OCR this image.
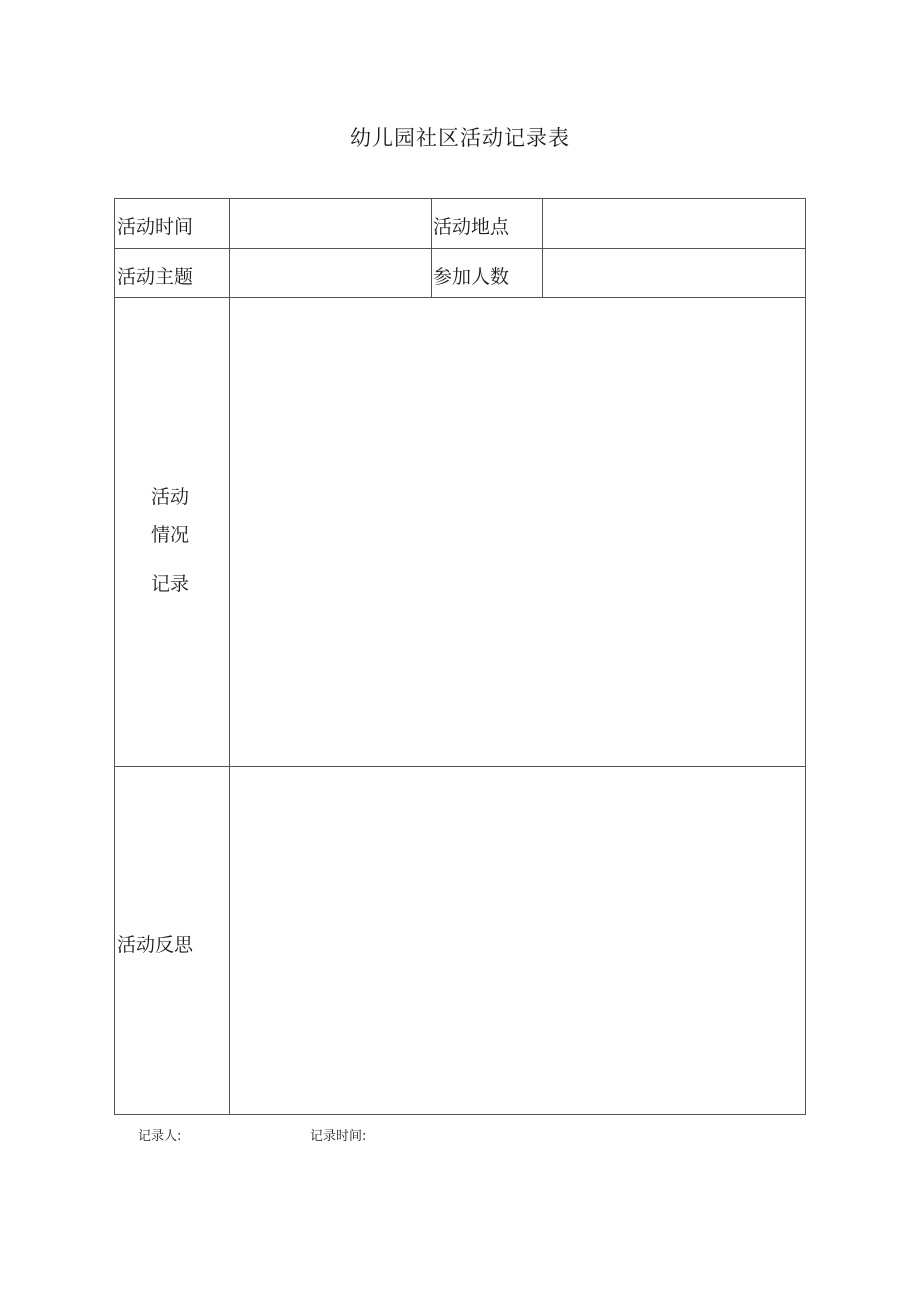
幼儿园社区活动记录表
活动时间	活动地点
活动主题	参加人数
活动
情况
记录
活动反思
记录人:	记录时间:
